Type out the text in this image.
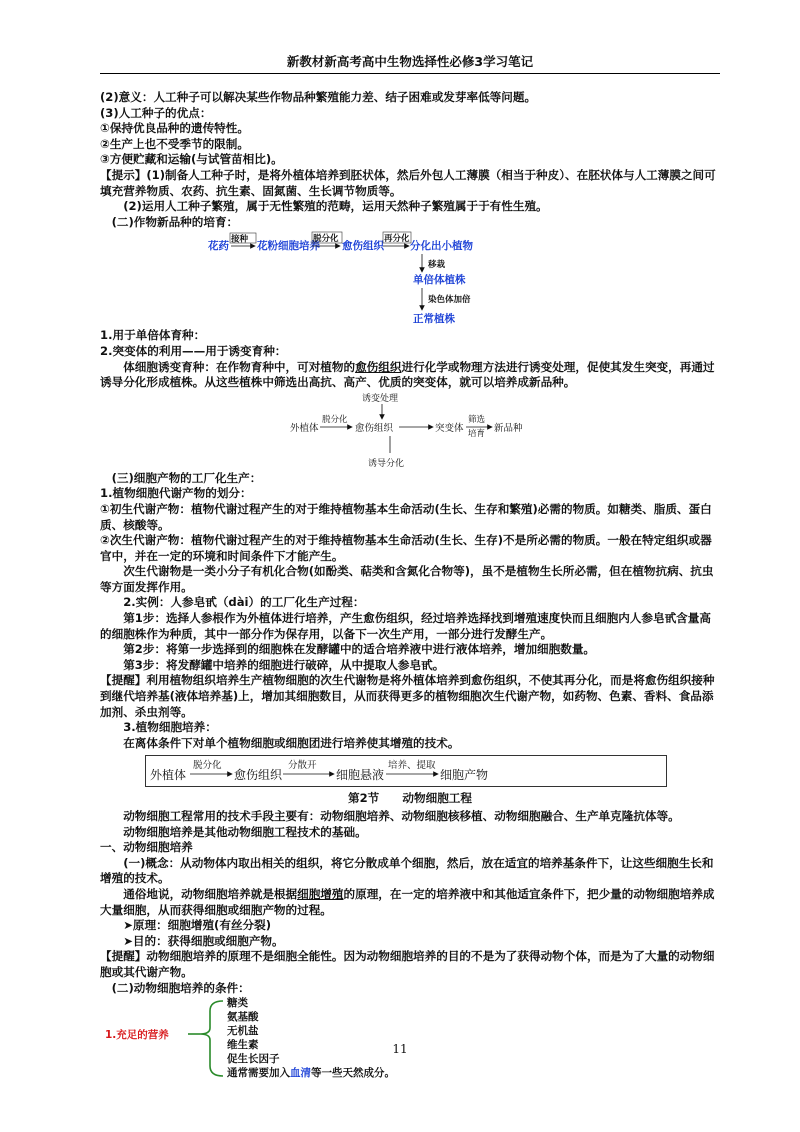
新教材新高考高中生物选择性必修3学习笔记

(2)意义：人工种子可以解决某些作物品种繁殖能力差、结子困难或发芽率低等问题。

(3)人工种子的优点：

①保持优良品种的遗传特性。

②生产上也不受季节的限制。

③方便贮藏和运输(与试管苗相比)。

【提示】(1)制备人工种子时，是将外植体培养到胚状体，然后外包人工薄膜（相当于种皮）、在胚状体与人工薄膜之间可填充营养物质、农药、抗生素、固氮菌、生长调节物质等。

(2)运用人工种子繁殖，属于无性繁殖的范畴，运用天然种子繁殖属于于有性生殖。

(二)作物新品种的培育：

花药
接种
花粉细胞培养
脱分化
愈伤组织
再分化
分化出小植物
移栽
单倍体植株
染色体加倍
正常植株

1.用于单倍体育种：

2.突变体的利用——用于诱变育种：

体细胞诱变育种：在作物育种中，可对植物的愈伤组织进行化学或物理方法进行诱变处理，促使其发生突变，再通过诱导分化形成植株。从这些植株中筛选出高抗、高产、优质的突变体，就可以培养成新品种。

诱变处理
外植体
脱分化
愈伤组织	突变体
筛选
培育 新品种
诱导分化

(三)细胞产物的工厂化生产：

1.植物细胞代谢产物的划分：

①初生代谢产物：植物代谢过程产生的对于维持植物基本生命活动(生长、生存和繁殖)必需的物质。如糖类、脂质、蛋白质、核酸等。

②次生代谢产物：植物代谢过程产生的对于维持植物基本生命活动(生长、生存)不是所必需的物质。一般在特定组织或器官中，并在一定的环境和时间条件下才能产生。

次生代谢物是一类小分子有机化合物(如酚类、萜类和含氮化合物等)，虽不是植物生长所必需，但在植物抗病、抗虫等方面发挥作用。

2.实例：人参皂甙（dài）的工厂化生产过程：

第1步：选择人参根作为外植体进行培养，产生愈伤组织，经过培养选择找到增殖速度快而且细胞内人参皂甙含量高的细胞株作为种质，其中一部分作为保存用，以备下一次生产用，一部分进行发酵生产。

第2步：将第一步选择到的细胞株在发酵罐中的适合培养液中进行液体培养，增加细胞数量。

第3步：将发酵罐中培养的细胞进行破碎，从中提取人参皂甙。

【提醒】利用植物组织培养生产植物细胞的次生代谢物是将外植体培养到愈伤组织，不使其再分化，而是将愈伤组织接种到继代培养基(液体培养基)上，增加其细胞数目，从而获得更多的植物细胞次生代谢产物，如药物、色素、香料、食品添加剂、杀虫剂等。

3.植物细胞培养：

在离体条件下对单个植物细胞或细胞团进行培养使其增殖的技术。

外植体
脱分化
愈伤组织
分散开
细胞悬液
培养、提取
细胞产物

第2节　　动物细胞工程

动物细胞工程常用的技术手段主要有：动物细胞培养、动物细胞核移植、动物细胞融合、生产单克隆抗体等。

动物细胞培养是其他动物细胞工程技术的基础。

一、动物细胞培养

(一)概念：从动物体内取出相关的组织，将它分散成单个细胞，然后，放在适宜的培养基条件下，让这些细胞生长和增殖的技术。

通俗地说，动物细胞培养就是根据细胞增殖的原理，在一定的培养液中和其他适宜条件下，把少量的动物细胞培养成大量细胞，从而获得细胞或细胞产物的过程。

➤原理：细胞增殖(有丝分裂)

➤目的：获得细胞或细胞产物。

【提醒】动物细胞培养的原理不是细胞全能性。因为动物细胞培养的目的不是为了获得动物个体，而是为了大量的动物细胞或其代谢产物。

(二)动物细胞培养的条件：

1.充足的营养
糖类
氨基酸
无机盐
维生素
促生长因子
通常需要加入血清等一些天然成分。
11
